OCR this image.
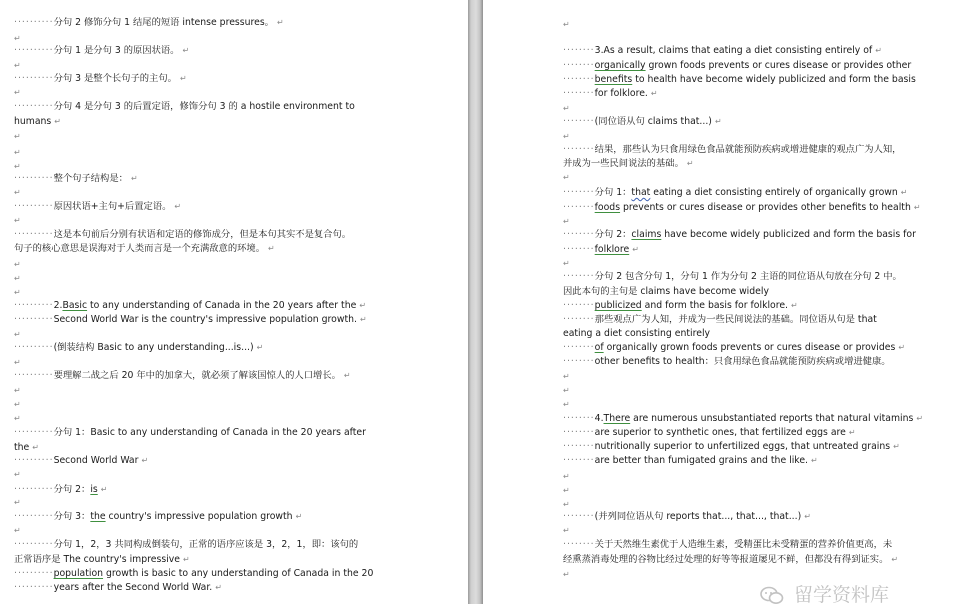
··········分句 2 修饰分句 1 结尾的短语 intense pressures。 ↵
↵
··········分句 1 是分句 3 的原因状语。 ↵
↵
··········分句 3 是整个长句子的主句。 ↵
↵
··········分句 4 是分句 3 的后置定语，修饰分句 3 的 a hostile environment to
humans ↵
↵
↵
↵
··········整个句子结构是： ↵
↵
··········原因状语+主句+后置定语。 ↵
↵
··········这是本句前后分别有状语和定语的修饰成分，但是本句其实不是复合句。
句子的核心意思是误海对于人类而言是一个充满敌意的环境。 ↵
↵
↵
↵
··········2.Basic to any understanding of Canada in the 20 years after the ↵
··········Second World War is the country's impressive population growth. ↵
↵
··········(倒装结构 Basic to any understanding...is...) ↵
↵
··········要理解二战之后 20 年中的加拿大，就必须了解该国惊人的人口增长。 ↵
↵
↵
↵
··········分句 1：Basic to any understanding of Canada in the 20 years after
the ↵
··········Second World War ↵
↵
··········分句 2：is ↵
↵
··········分句 3：the country's impressive population growth ↵
↵
··········分句 1，2，3 共同构成倒装句，正常的语序应该是 3，2，1，即：该句的
正常语序是 The country's impressive ↵
··········population growth is basic to any understanding of Canada in the 20
··········years after the Second World War. ↵
↵
········3.As a result, claims that eating a diet consisting entirely of ↵
········organically grown foods prevents or cures disease or provides other
········benefits to health have become widely publicized and form the basis
········for folklore. ↵
↵
········(同位语从句 claims that...) ↵
↵
········结果，那些认为只食用绿色食品就能预防疾病或增进健康的观点广为人知，
并成为一些民间说法的基础。 ↵
↵
········分句 1：that eating a diet consisting entirely of organically grown ↵
········foods prevents or cures disease or provides other benefits to health ↵
↵
········分句 2：claims have become widely publicized and form the basis for
········folklore ↵
↵
········分句 2 包含分句 1，分句 1 作为分句 2 主语的同位语从句放在分句 2 中。
因此本句的主句是 claims have become widely
········publicized and form the basis for folklore. ↵
········那些观点广为人知，并成为一些民间说法的基础。同位语从句是 that
eating a diet consisting entirely
········of organically grown foods prevents or cures disease or provides ↵
········other benefits to health：只食用绿色食品就能预防疾病或增进健康。
↵
↵
↵
········4.There are numerous unsubstantiated reports that natural vitamins ↵
········are superior to synthetic ones, that fertilized eggs are ↵
········nutritionally superior to unfertilized eggs, that untreated grains ↵
········are better than fumigated grains and the like. ↵
↵
↵
↵
········(并列同位语从句 reports that..., that..., that...) ↵
↵
········关于天然维生素优于人造维生素，受精蛋比未受精蛋的营养价值更高，未
经熏蒸消毒处理的谷物比经过处理的好等等报道屡见不鲜，但都没有得到证实。 ↵
↵
留学资料库
